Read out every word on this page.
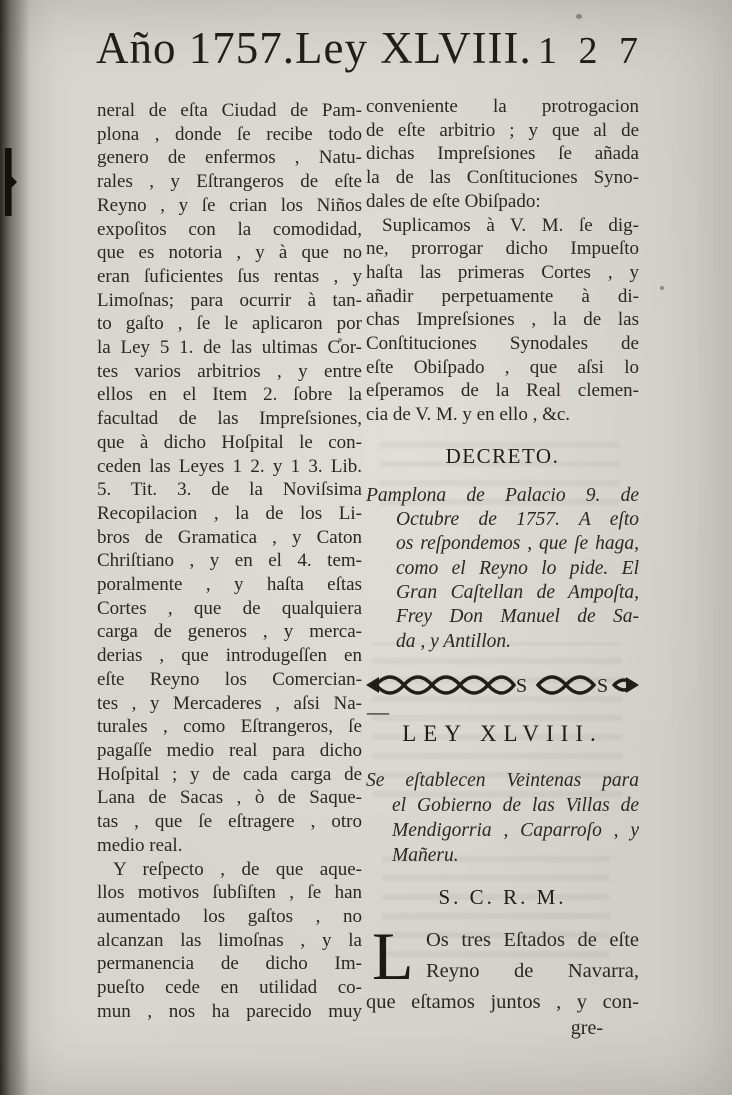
Año 1757.Ley XLVIII. 1 2 7
neral de eſta Ciudad de Pam-
plona , donde ſe recibe todo
genero de enfermos , Natu-
rales , y Eſtrangeros de eſte
Reyno , y ſe crian los Niños
expoſitos con la comodidad,
que es notoria , y à que no
eran ſuficientes ſus rentas , y
Limoſnas; para ocurrir à tan-
to gaſto , ſe le aplicaron por
la Ley 5 1. de las ultimas Cor-
tes varios arbitrios , y entre
ellos en el Item 2. ſobre la
facultad de las Impreſsiones,
que à dicho Hoſpital le con-
ceden las Leyes 1 2. y 1 3. Lib.
5. Tit. 3. de la Noviſsima
Recopilacion , la de los Li-
bros de Gramatica , y Caton
Chriſtiano , y en el 4. tem-
poralmente , y haſta eſtas
Cortes , que de qualquiera
carga de generos , y merca-
derias , que introdugeſſen en
eſte Reyno los Comercian-
tes , y Mercaderes , aſsi Na-
turales , como Eſtrangeros, ſe
pagaſſe medio real para dicho
Hoſpital ; y de cada carga de
Lana de Sacas , ò de Saque-
tas , que ſe eſtragere , otro
medio real.
Y reſpecto , de que aque-
llos motivos ſubſiſten , ſe han
aumentado los gaſtos , no
alcanzan las limoſnas , y la
permanencia de dicho Im-
pueſto cede en utilidad co-
mun , nos ha parecido muy
conveniente la protrogacion
de eſte arbitrio ; y que al de
dichas Impreſsiones ſe añada
la de las Conſtituciones Syno-
dales de eſte Obiſpado:
Suplicamos à V. M. ſe dig-
ne, prorrogar dicho Impueſto
haſta las primeras Cortes , y
añadir perpetuamente à di-
chas Impreſsiones , la de las
Conſtituciones Synodales de
eſte Obiſpado , que aſsi lo
eſperamos de la Real clemen-
cia de V. M. y en ello , &c.
DECRETO.
Pamplona de Palacio 9. de
Octubre de 1757. A eſto
os reſpondemos , que ſe haga,
como el Reyno lo pide. El
Gran Caſtellan de Ampoſta,
Frey Don Manuel de Sa-
da , y Antillon.
S	S
—
LEY XLVIII.
Se eſtablecen Veintenas para
el Gobierno de las Villas de
Mendigorria , Caparroſo , y
Mañeru.
S. C. R. M.
L Os tres Eſtados de eſte
Reyno de Navarra,
que eſtamos juntos , y con-
gre-
